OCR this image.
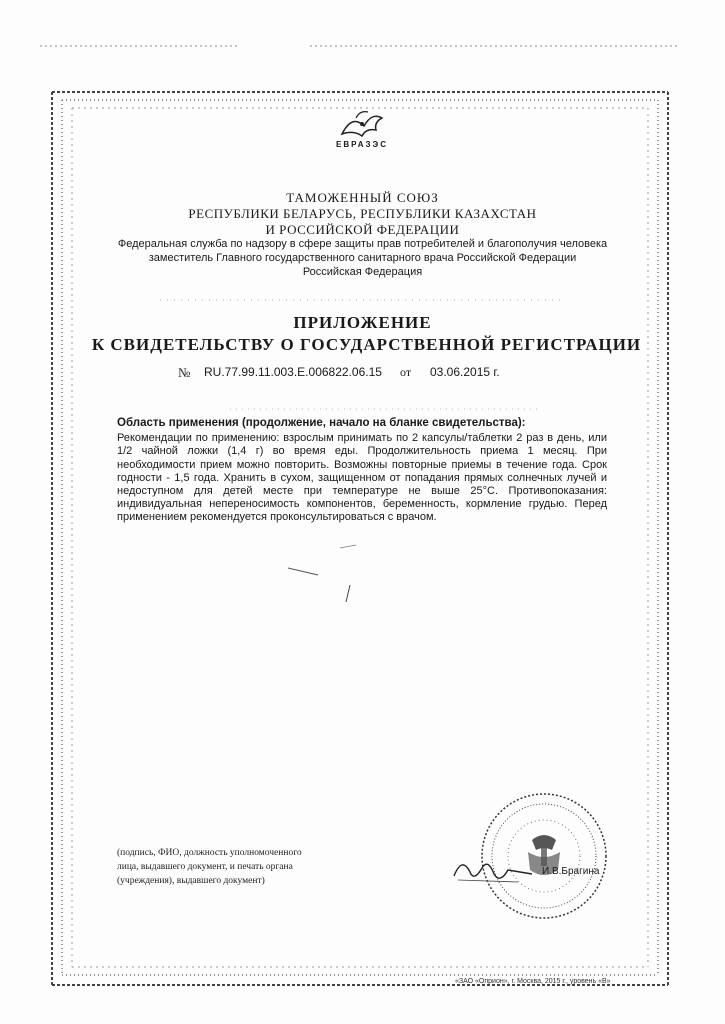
ЕВРАЗЭС
ТАМОЖЕННЫЙ СОЮЗ
РЕСПУБЛИКИ БЕЛАРУСЬ, РЕСПУБЛИКИ КАЗАХСТАН
И РОССИЙСКОЙ ФЕДЕРАЦИИ
Федеральная служба по надзору в сфере защиты прав потребителей и благополучия человека
заместитель Главного государственного санитарного врача Российской Федерации
Российская Федерация
ПРИЛОЖЕНИЕ
К СВИДЕТЕЛЬСТВУ О ГОСУДАРСТВЕННОЙ РЕГИСТРАЦИИ
№ RU.77.99.11.003.Е.006822.06.15 от 03.06.2015 г.
Область применения (продолжение, начало на бланке свидетельства):
Рекомендации по применению: взрослым принимать по 2 капсулы/таблетки 2 раз в день, или 1/2 чайной ложки (1,4 г) во время еды. Продолжительность приема 1 месяц. При необходимости прием можно повторить. Возможны повторные приемы в течение года. Срок годности - 1,5 года. Хранить в сухом, защищенном от попадания прямых солнечных лучей и недоступном для детей месте при температуре не выше 25°С. Противопоказания: индивидуальная непереносимость компонентов, беременность, кормление грудью. Перед применением рекомендуется проконсультироваться с врачом.
(подпись, ФИО, должность уполномоченного
лица, выдавшего документ, и печать органа
(учреждения), выдавшего документ)
И.В.Брагина
«ЗАО «Оприон», г. Москва, 2015 г., уровень «В»
